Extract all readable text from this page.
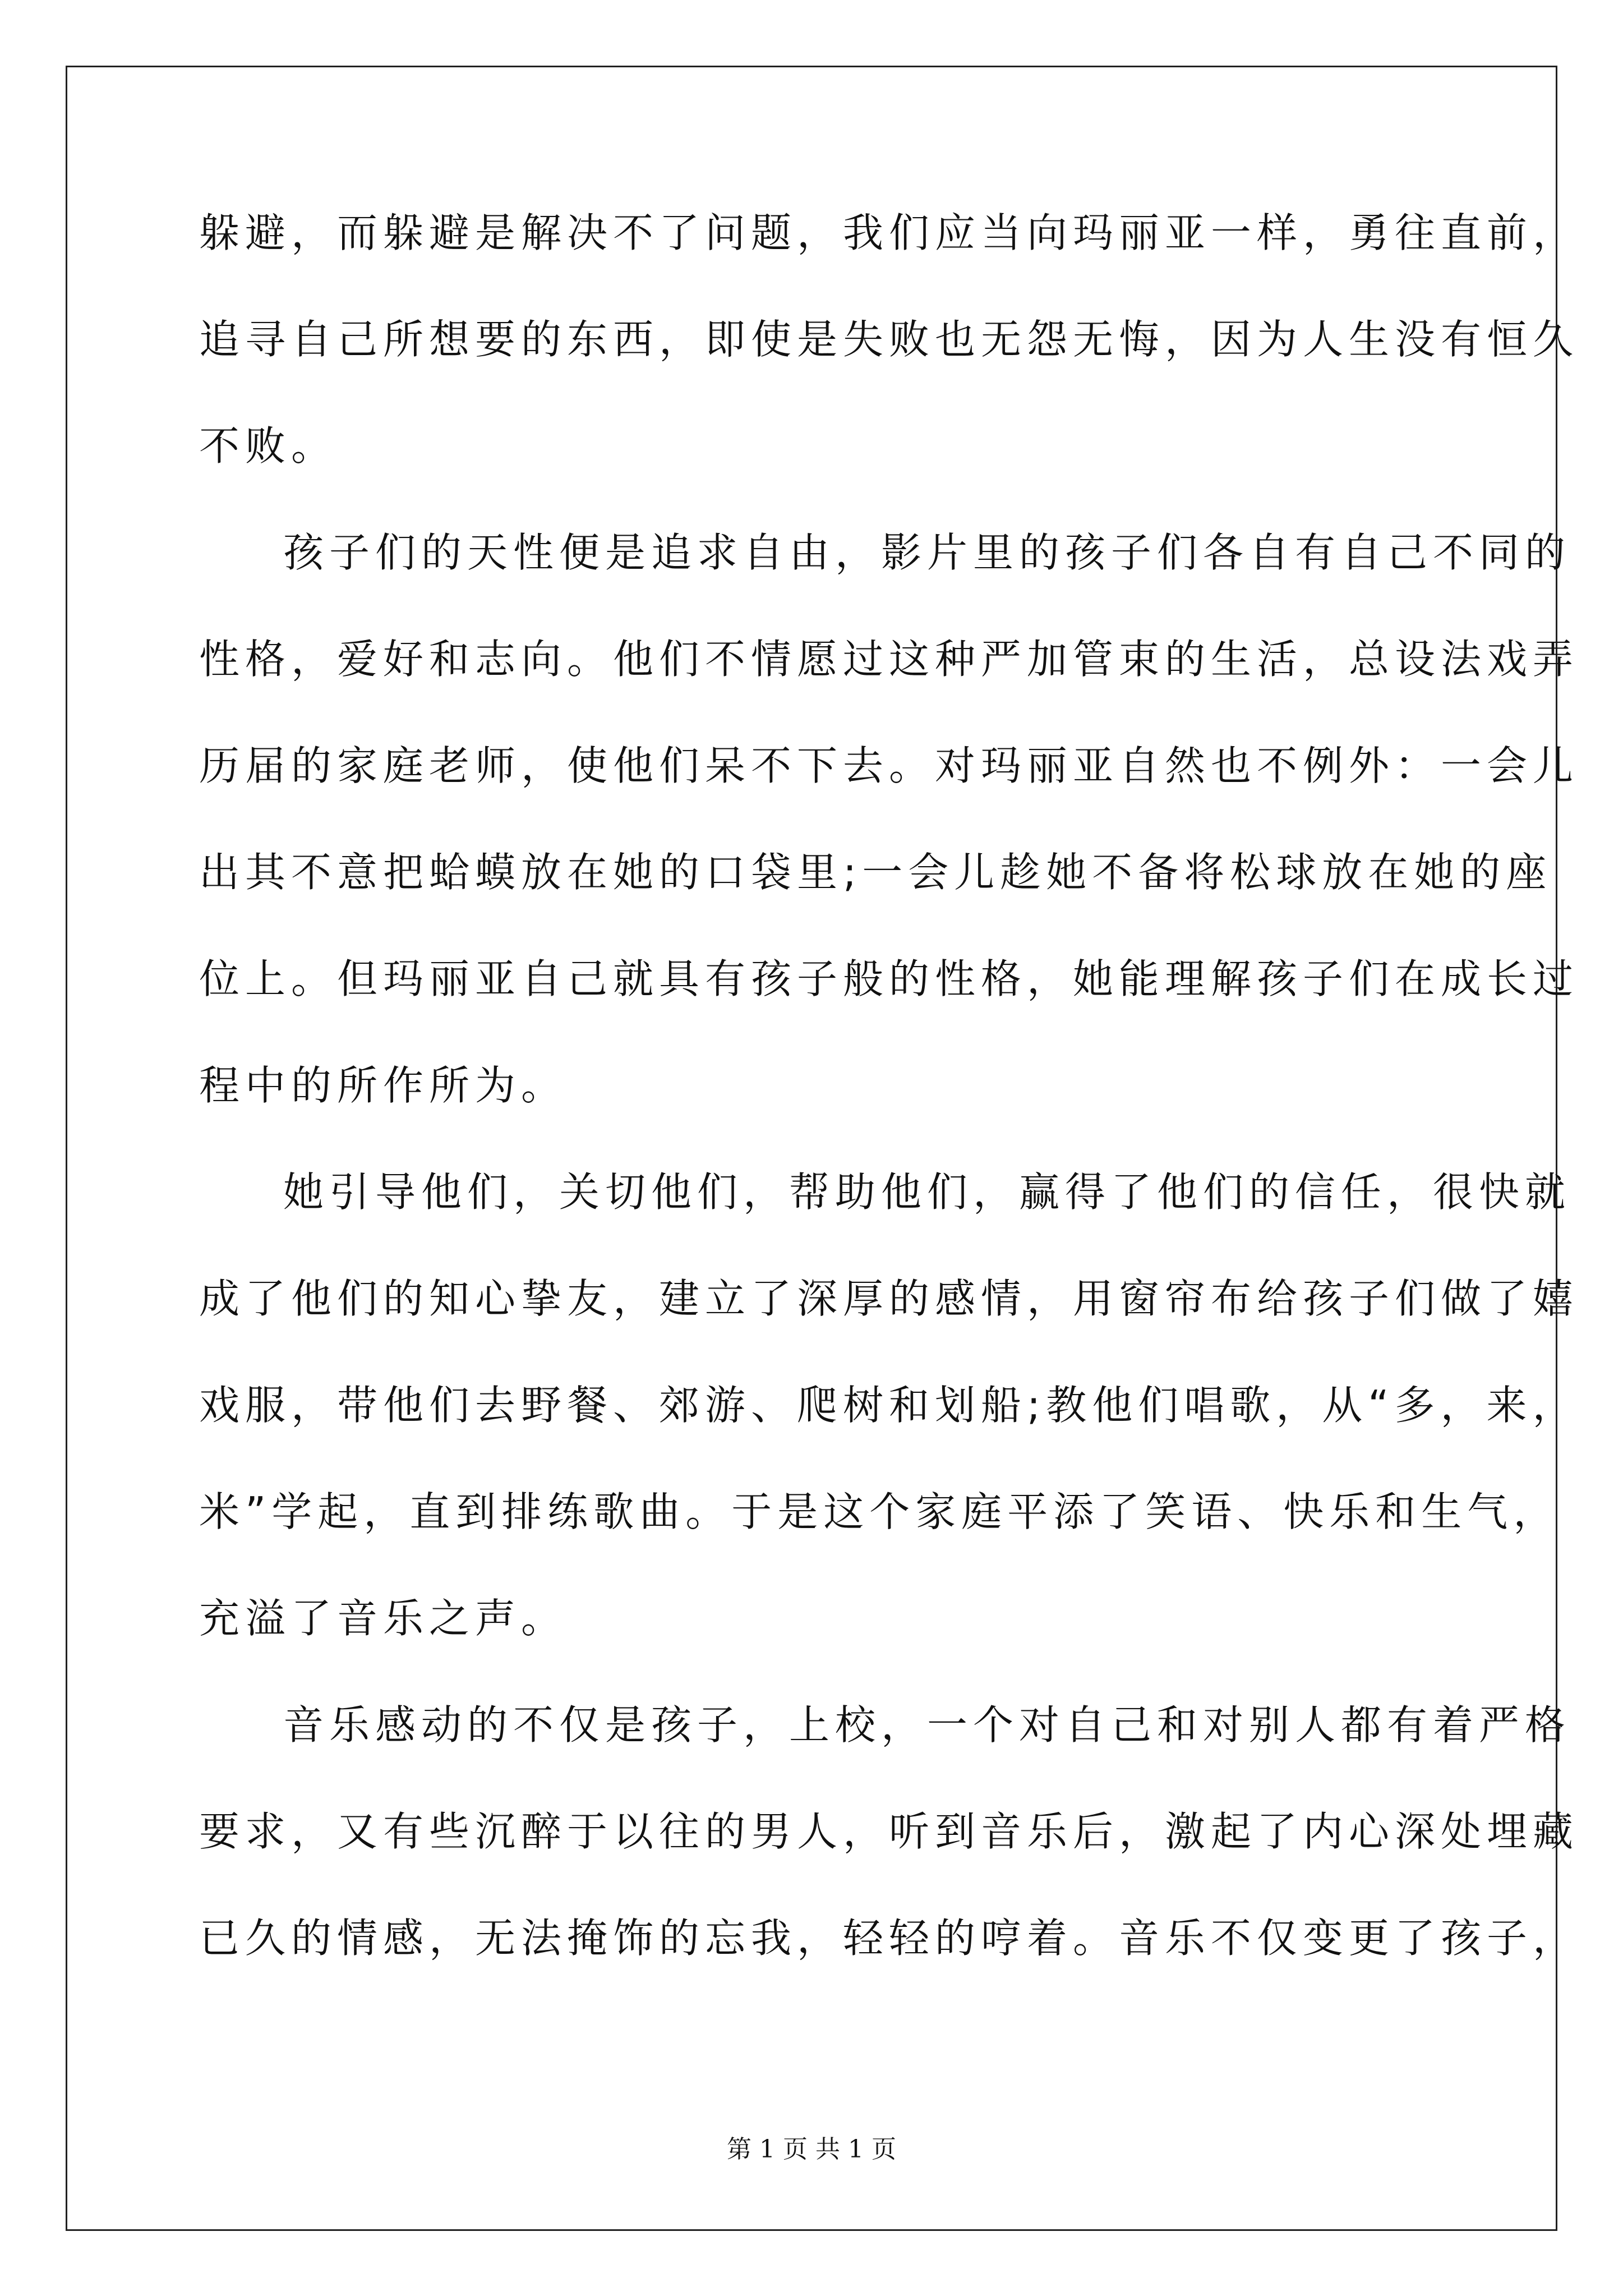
躲避，而躲避是解决不了问题，我们应当向玛丽亚一样，勇往直前，
追寻自己所想要的东西，即使是失败也无怨无悔，因为人生没有恒久
不败。
孩子们的天性便是追求自由，影片里的孩子们各自有自己不同的
性格，爱好和志向。他们不情愿过这种严加管束的生活，总设法戏弄
历届的家庭老师，使他们呆不下去。对玛丽亚自然也不例外：一会儿
出其不意把蛤蟆放在她的口袋里;一会儿趁她不备将松球放在她的座
位上。但玛丽亚自己就具有孩子般的性格，她能理解孩子们在成长过
程中的所作所为。
她引导他们，关切他们，帮助他们，赢得了他们的信任，很快就
成了他们的知心挚友，建立了深厚的感情，用窗帘布给孩子们做了嬉
戏服，带他们去野餐、郊游、爬树和划船;教他们唱歌，从“多，来，
米”学起，直到排练歌曲。于是这个家庭平添了笑语、快乐和生气，
充溢了音乐之声。
音乐感动的不仅是孩子，上校，一个对自己和对别人都有着严格
要求，又有些沉醉于以往的男人，听到音乐后，激起了内心深处埋藏
已久的情感，无法掩饰的忘我，轻轻的哼着。音乐不仅变更了孩子，
第 1 页 共 1 页
